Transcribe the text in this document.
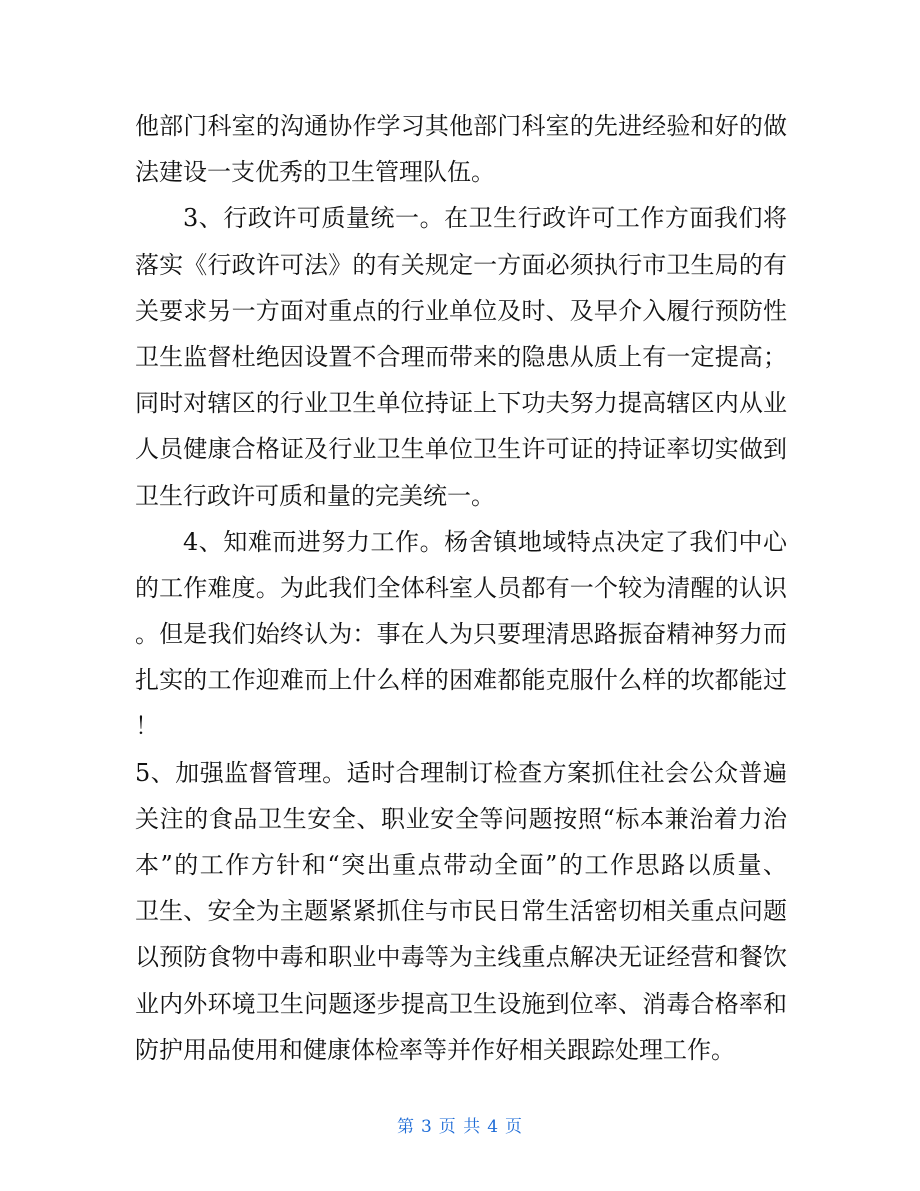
他部门科室的沟通协作学习其他部门科室的先进经验和好的做
法建设一支优秀的卫生管理队伍。
3、行政许可质量统一。在卫生行政许可工作方面我们将
落实《行政许可法》的有关规定一方面必须执行市卫生局的有
关要求另一方面对重点的行业单位及时、及早介入履行预防性
卫生监督杜绝因设置不合理而带来的隐患从质上有一定提高；
同时对辖区的行业卫生单位持证上下功夫努力提高辖区内从业
人员健康合格证及行业卫生单位卫生许可证的持证率切实做到
卫生行政许可质和量的完美统一。
4、知难而进努力工作。杨舍镇地域特点决定了我们中心
的工作难度。为此我们全体科室人员都有一个较为清醒的认识
。但是我们始终认为：事在人为只要理清思路振奋精神努力而
扎实的工作迎难而上什么样的困难都能克服什么样的坎都能过
！
5、加强监督管理。适时合理制订检查方案抓住社会公众普遍
关注的食品卫生安全、职业安全等问题按照“标本兼治着力治
本”的工作方针和“突出重点带动全面”的工作思路以质量、
卫生、安全为主题紧紧抓住与市民日常生活密切相关重点问题
以预防食物中毒和职业中毒等为主线重点解决无证经营和餐饮
业内外环境卫生问题逐步提高卫生设施到位率、消毒合格率和
防护用品使用和健康体检率等并作好相关跟踪处理工作。
第 3 页 共 4 页
